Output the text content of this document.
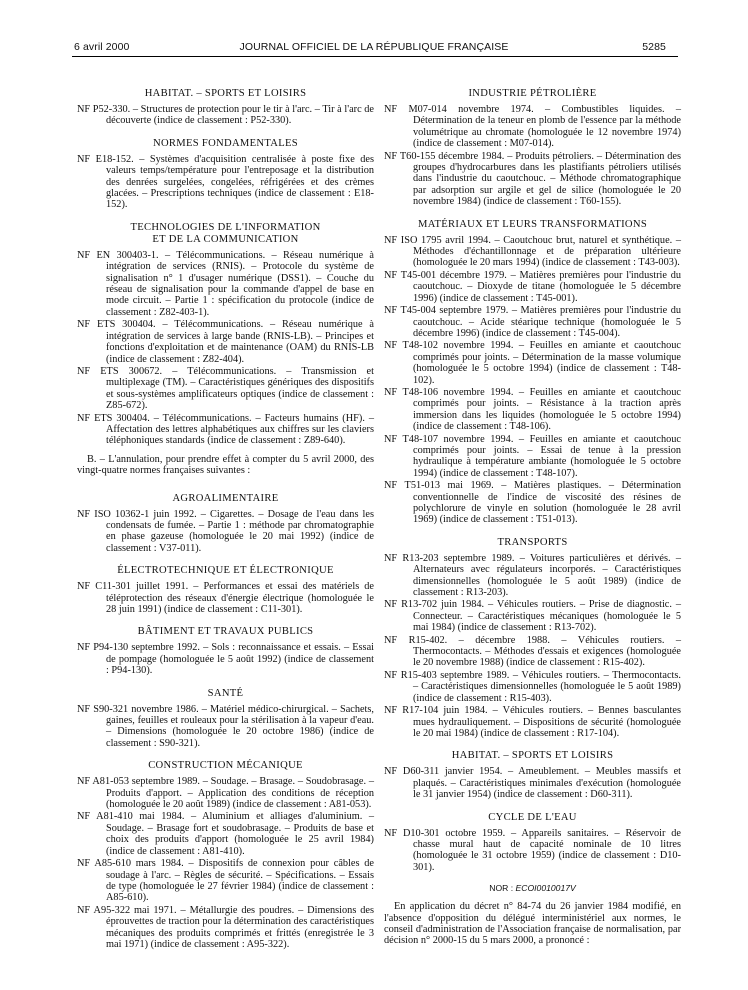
6 avril 2000	JOURNAL OFFICIEL DE LA RÉPUBLIQUE FRANÇAISE	5285
HABITAT. – SPORTS ET LOISIRS

NF P52-330. – Structures de protection pour le tir à l'arc. – Tir à l'arc de découverte (indice de classement : P52-330).

NORMES FONDAMENTALES

NF E18-152. – Systèmes d'acquisition centralisée à poste fixe des valeurs temps/température pour l'entreposage et la distribution des denrées surgelées, congelées, réfrigérées et des crèmes glacées. – Prescriptions techniques (indice de classement : E18-152).

TECHNOLOGIES DE L'INFORMATION
ET DE LA COMMUNICATION

NF EN 300403-1. – Télécommunications. – Réseau numérique à intégration de services (RNIS). – Protocole du système de signalisation n° 1 d'usager numérique (DSS1). – Couche du réseau de signalisation pour la commande d'appel de base en mode circuit. – Partie 1 : spécification du protocole (indice de classement : Z82-403-1).

NF ETS 300404. – Télécommunications. – Réseau numérique à intégration de services à large bande (RNIS-LB). – Principes et fonctions d'exploitation et de maintenance (OAM) du RNIS-LB (indice de classement : Z82-404).

NF ETS 300672. – Télécommunications. – Transmission et multiplexage (TM). – Caractéristiques génériques des dispositifs et sous-systèmes amplificateurs optiques (indice de classement : Z85-672).

NF ETS 300404. – Télécommunications. – Facteurs humains (HF). – Affectation des lettres alphabétiques aux chiffres sur les claviers téléphoniques standards (indice de classement : Z89-640).

B. – L'annulation, pour prendre effet à compter du 5 avril 2000, des vingt-quatre normes françaises suivantes :

AGROALIMENTAIRE

NF ISO 10362-1 juin 1992. – Cigarettes. – Dosage de l'eau dans les condensats de fumée. – Partie 1 : méthode par chromatographie en phase gazeuse (homologuée le 20 mai 1992) (indice de classement : V37-011).

ÉLECTROTECHNIQUE ET ÉLECTRONIQUE

NF C11-301 juillet 1991. – Performances et essai des matériels de téléprotection des réseaux d'énergie électrique (homologuée le 28 juin 1991) (indice de classement : C11-301).

BÂTIMENT ET TRAVAUX PUBLICS

NF P94-130 septembre 1992. – Sols : reconnaissance et essais. – Essai de pompage (homologuée le 5 août 1992) (indice de classement : P94-130).

SANTÉ

NF S90-321 novembre 1986. – Matériel médico-chirurgical. – Sachets, gaines, feuilles et rouleaux pour la stérilisation à la vapeur d'eau. – Dimensions (homologuée le 20 octobre 1986) (indice de classement : S90-321).

CONSTRUCTION MÉCANIQUE

NF A81-053 septembre 1989. – Soudage. – Brasage. – Soudobrasage. – Produits d'apport. – Application des conditions de réception (homologuée le 20 août 1989) (indice de classement : A81-053).

NF A81-410 mai 1984. – Aluminium et alliages d'aluminium. – Soudage. – Brasage fort et soudobrasage. – Produits de base et choix des produits d'apport (homologuée le 25 avril 1984) (indice de classement : A81-410).

NF A85-610 mars 1984. – Dispositifs de connexion pour câbles de soudage à l'arc. – Règles de sécurité. – Spécifications. – Essais de type (homologuée le 27 février 1984) (indice de classement : A85-610).

NF A95-322 mai 1971. – Métallurgie des poudres. – Dimensions des éprouvettes de traction pour la détermination des caractéristiques mécaniques des produits comprimés et frittés (enregistrée le 3 mai 1971) (indice de classement : A95-322).

INDUSTRIE PÉTROLIÈRE

NF M07-014 novembre 1974. – Combustibles liquides. – Détermination de la teneur en plomb de l'essence par la méthode volumétrique au chromate (homologuée le 12 novembre 1974) (indice de classement : M07-014).

NF T60-155 décembre 1984. – Produits pétroliers. – Détermination des groupes d'hydrocarbures dans les plastifiants pétroliers utilisés dans l'industrie du caoutchouc. – Méthode chromatographique par adsorption sur argile et gel de silice (homologuée le 20 novembre 1984) (indice de classement : T60-155).

MATÉRIAUX ET LEURS TRANSFORMATIONS

NF ISO 1795 avril 1994. – Caoutchouc brut, naturel et synthétique. – Méthodes d'échantillonnage et de préparation ultérieure (homologuée le 20 mars 1994) (indice de classement : T43-003).

NF T45-001 décembre 1979. – Matières premières pour l'industrie du caoutchouc. – Dioxyde de titane (homologuée le 5 décembre 1996) (indice de classement : T45-001).

NF T45-004 septembre 1979. – Matières premières pour l'industrie du caoutchouc. – Acide stéarique technique (homologuée le 5 décembre 1996) (indice de classement : T45-004).

NF T48-102 novembre 1994. – Feuilles en amiante et caoutchouc comprimés pour joints. – Détermination de la masse volumique (homologuée le 5 octobre 1994) (indice de classement : T48-102).

NF T48-106 novembre 1994. – Feuilles en amiante et caoutchouc comprimés pour joints. – Résistance à la traction après immersion dans les liquides (homologuée le 5 octobre 1994) (indice de classement : T48-106).

NF T48-107 novembre 1994. – Feuilles en amiante et caoutchouc comprimés pour joints. – Essai de tenue à la pression hydraulique à température ambiante (homologuée le 5 octobre 1994) (indice de classement : T48-107).

NF T51-013 mai 1969. – Matières plastiques. – Détermination conventionnelle de l'indice de viscosité des résines de polychlorure de vinyle en solution (homologuée le 28 avril 1969) (indice de classement : T51-013).

TRANSPORTS

NF R13-203 septembre 1989. – Voitures particulières et dérivés. – Alternateurs avec régulateurs incorporés. – Caractéristiques dimensionnelles (homologuée le 5 août 1989) (indice de classement : R13-203).

NF R13-702 juin 1984. – Véhicules routiers. – Prise de diagnostic. – Connecteur. – Caractéristiques mécaniques (homologuée le 5 mai 1984) (indice de classement : R13-702).

NF R15-402. – décembre 1988. – Véhicules routiers. – Thermocontacts. – Méthodes d'essais et exigences (homologuée le 20 novembre 1988) (indice de classement : R15-402).

NF R15-403 septembre 1989. – Véhicules routiers. – Thermocontacts. – Caractéristiques dimensionnelles (homologuée le 5 août 1989) (indice de classement : R15-403).

NF R17-104 juin 1984. – Véhicules routiers. – Bennes basculantes mues hydrauliquement. – Dispositions de sécurité (homologuée le 20 mai 1984) (indice de classement : R17-104).

HABITAT. – SPORTS ET LOISIRS

NF D60-311 janvier 1954. – Ameublement. – Meubles massifs et plaqués. – Caractéristiques minimales d'exécution (homologuée le 31 janvier 1954) (indice de classement : D60-311).

CYCLE DE L'EAU

NF D10-301 octobre 1959. – Appareils sanitaires. – Réservoir de chasse mural haut de capacité nominale de 10 litres (homologuée le 31 octobre 1959) (indice de classement : D10-301).

NOR : ECOI0010017V

En application du décret n° 84-74 du 26 janvier 1984 modifié, en l'absence d'opposition du délégué interministériel aux normes, le conseil d'administration de l'Association française de normalisation, par décision n° 2000-15 du 5 mars 2000, a prononcé :
